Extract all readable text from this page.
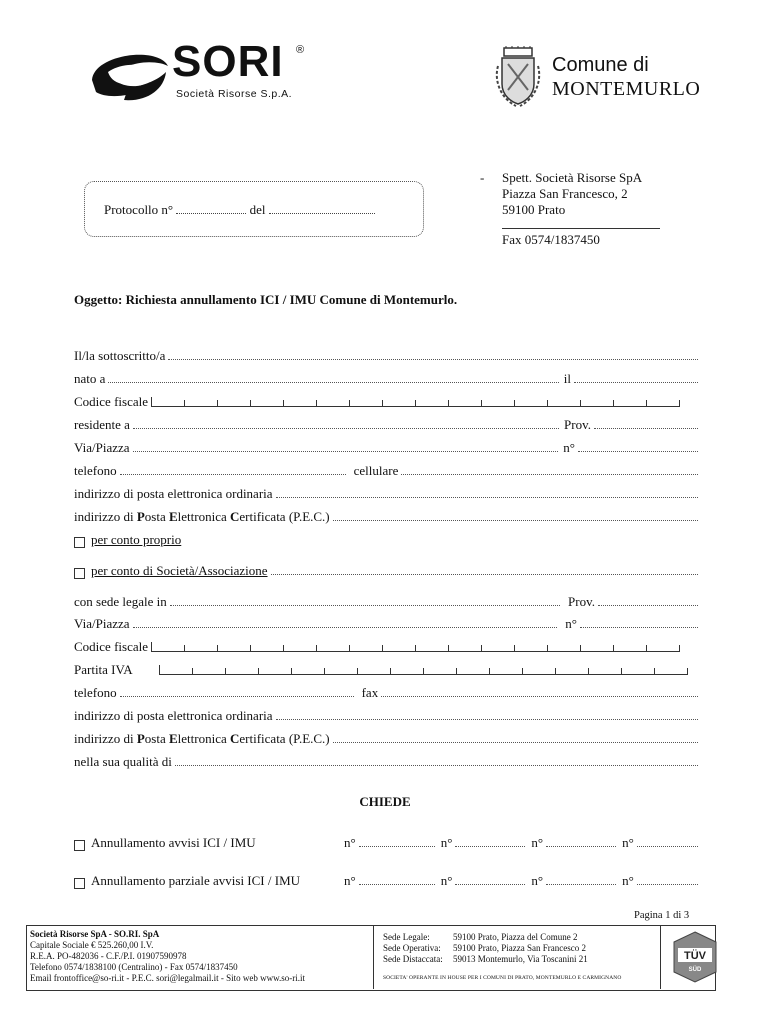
SORI ®
Società Risorse S.p.A.
Comune di
MONTEMURLO
Protocollo n°	del
- Spett. Società Risorse SpA
Piazza San Francesco, 2
59100 Prato
Fax 0574/1837450
Oggetto: Richiesta annullamento ICI / IMU Comune di Montemurlo.
Il/la sottoscritto/a
nato a	il
Codice fiscale
residente a	Prov.
Via/Piazza	n°
telefono	cellulare
indirizzo di posta elettronica ordinaria
indirizzo di Posta Elettronica Certificata (P.E.C.)
per conto proprio
per conto di Società/Associazione
con sede legale in	Prov.
Via/Piazza	n°
Codice fiscale
Partita IVA
telefono	fax
indirizzo di posta elettronica ordinaria
indirizzo di Posta Elettronica Certificata (P.E.C.)
nella sua qualità di
CHIEDE
Annullamento avvisi ICI / IMU	n°	n°	n°	n°
Annullamento parziale avvisi ICI / IMU	n°	n°	n°	n°
Pagina 1 di 3
Società Risorse SpA - SO.RI. SpA
Capitale Sociale € 525.260,00 I.V.
R.E.A. PO-482036 - C.F./P.I. 01907590978
Telefono 0574/1838100 (Centralino) - Fax 0574/1837450
Email frontoffice@so-ri.it - P.E.C. sori@legalmail.it - Sito web www.so-ri.it
Sede Legale:	59100 Prato, Piazza del Comune 2
Sede Operativa: 59100 Prato, Piazza San Francesco 2
Sede Distaccata: 59013 Montemurlo, Via Toscanini 21
SOCIETA' OPERANTE IN HOUSE PER I COMUNI DI PRATO, MONTEMURLO E CARMIGNANO
TÜV
SÜD
